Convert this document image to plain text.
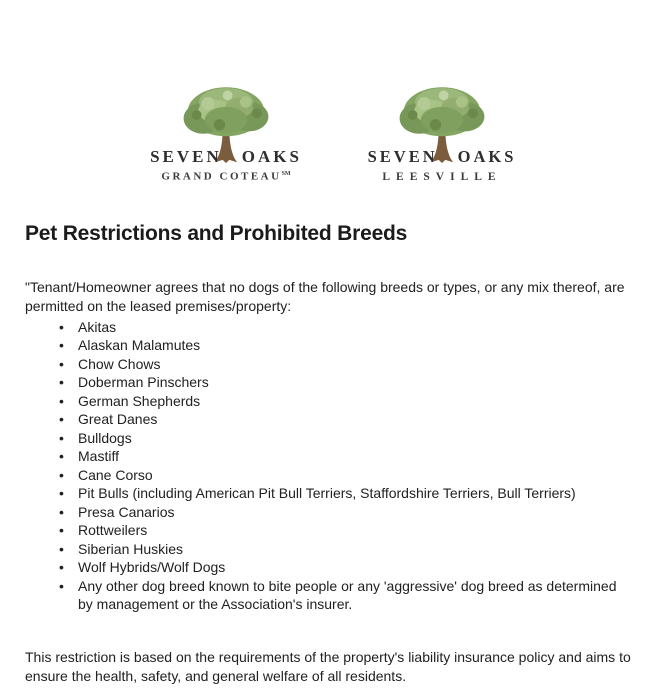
SEVEN OAKS
GRAND COTEAU℠
SEVEN OAKS
LEESVILLE
Pet Restrictions and Prohibited Breeds

"Tenant/Homeowner agrees that no dogs of the following breeds or types, or any mix thereof, are permitted on the leased premises/property:

• Akitas
• Alaskan Malamutes
• Chow Chows
• Doberman Pinschers
• German Shepherds
• Great Danes
• Bulldogs
• Mastiff
• Cane Corso
• Pit Bulls (including American Pit Bull Terriers, Staffordshire Terriers, Bull Terriers)
• Presa Canarios
• Rottweilers
• Siberian Huskies
• Wolf Hybrids/Wolf Dogs
• Any other dog breed known to bite people or any 'aggressive' dog breed as determined by management or the Association's insurer.

This restriction is based on the requirements of the property's liability insurance policy and aims to ensure the health, safety, and general welfare of all residents.
